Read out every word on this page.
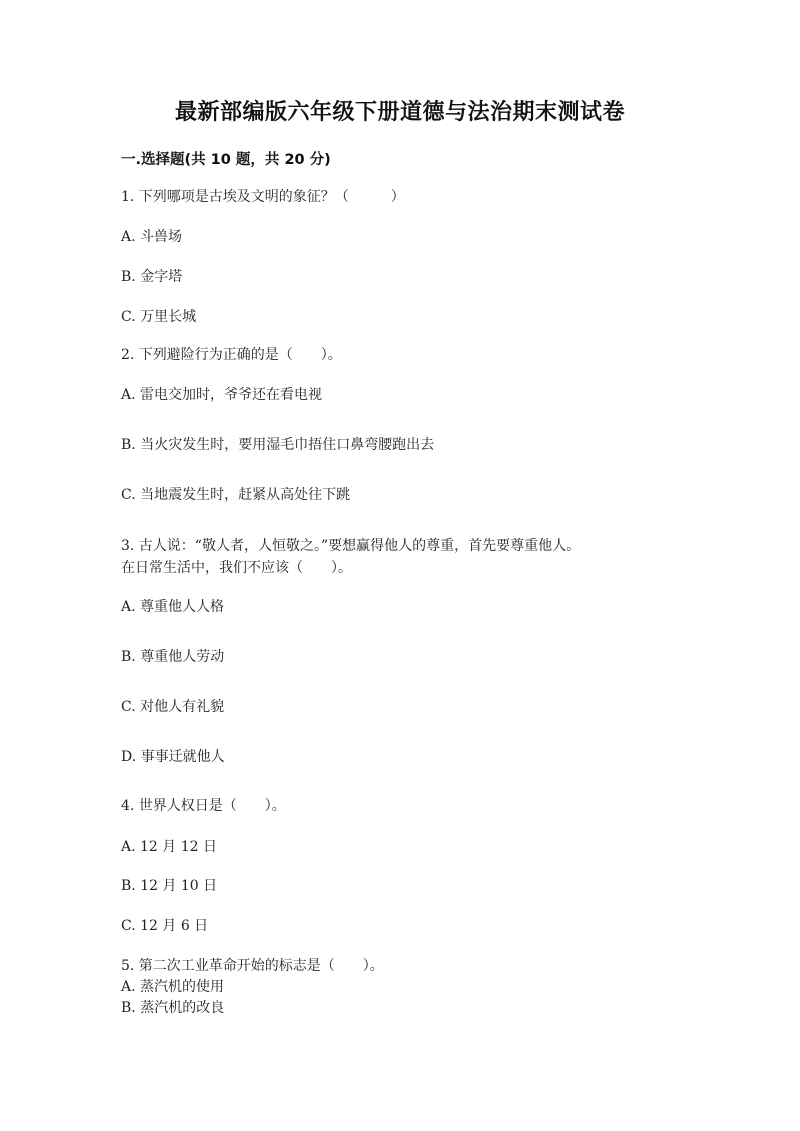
最新部编版六年级下册道德与法治期末测试卷
一.选择题(共 10 题，共 20 分)
1. 下列哪项是古埃及文明的象征？（　　　）
A. 斗兽场
B. 金字塔
C. 万里长城
2. 下列避险行为正确的是（　　）。
A. 雷电交加时，爷爷还在看电视
B. 当火灾发生时，要用湿毛巾捂住口鼻弯腰跑出去
C. 当地震发生时，赶紧从高处往下跳
3. 古人说：“敬人者，人恒敬之。”要想赢得他人的尊重，首先要尊重他人。
在日常生活中，我们不应该（　　）。
A. 尊重他人人格
B. 尊重他人劳动
C. 对他人有礼貌
D. 事事迁就他人
4. 世界人权日是（　　）。
A. 12 月 12 日
B. 12 月 10 日
C. 12 月 6 日
5. 第二次工业革命开始的标志是（　　）。
A. 蒸汽机的使用
B. 蒸汽机的改良
